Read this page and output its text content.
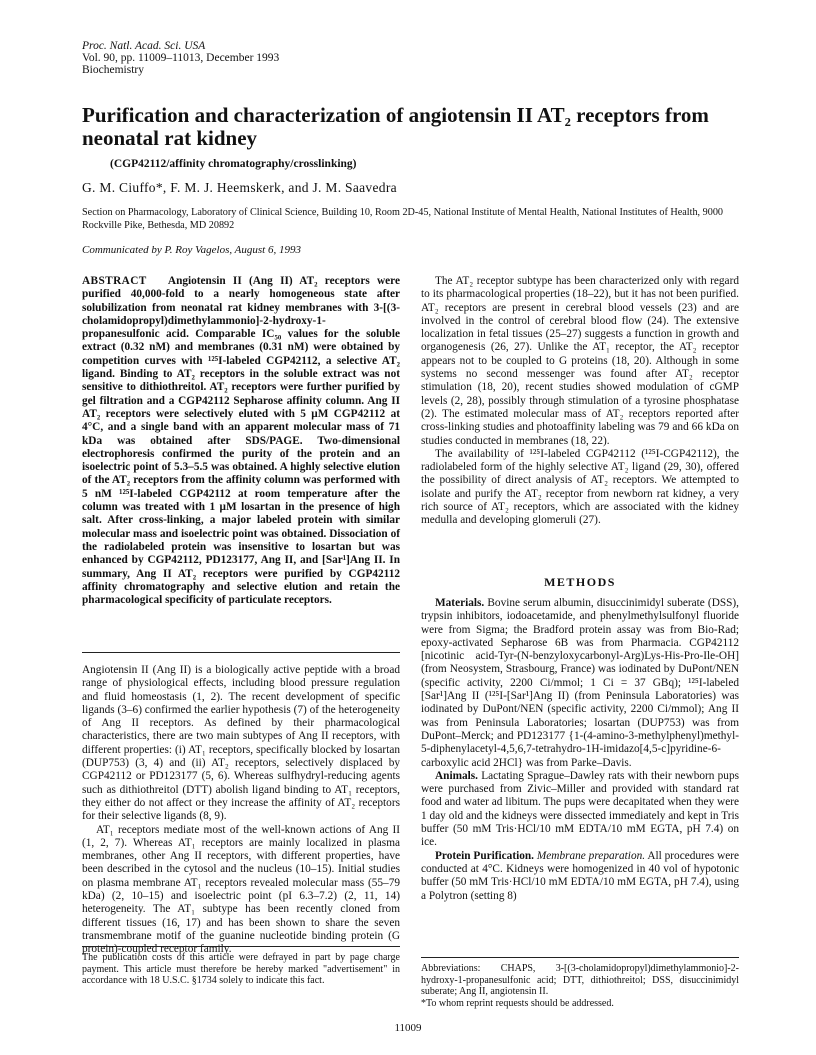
Proc. Natl. Acad. Sci. USA
Vol. 90, pp. 11009–11013, December 1993
Biochemistry
Purification and characterization of angiotensin II AT₂ receptors from neonatal rat kidney
(CGP42112/affinity chromatography/crosslinking)
G. M. Ciuffo*, F. M. J. Heemskerk, and J. M. Saavedra
Section on Pharmacology, Laboratory of Clinical Science, Building 10, Room 2D-45, National Institute of Mental Health, National Institutes of Health, 9000 Rockville Pike, Bethesda, MD 20892
Communicated by P. Roy Vagelos, August 6, 1993
ABSTRACT Angiotensin II (Ang II) AT₂ receptors were purified 40,000-fold to a nearly homogeneous state after solubilization from neonatal rat kidney membranes with 3-[(3-cholamidopropyl)dimethylammonio]-2-hydroxy-1-propanesulfonic acid. Comparable IC₅₀ values for the soluble extract (0.32 nM) and membranes (0.31 nM) were obtained by competition curves with ¹²⁵I-labeled CGP42112, a selective AT₂ ligand. Binding to AT₂ receptors in the soluble extract was not sensitive to dithiothreitol. AT₂ receptors were further purified by gel filtration and a CGP42112 Sepharose affinity column. Ang II AT₂ receptors were selectively eluted with 5 μM CGP42112 at 4°C, and a single band with an apparent molecular mass of 71 kDa was obtained after SDS/PAGE. Two-dimensional electrophoresis confirmed the purity of the protein and an isoelectric point of 5.3–5.5 was obtained. A highly selective elution of the AT₂ receptors from the affinity column was performed with 5 nM ¹²⁵I-labeled CGP42112 at room temperature after the column was treated with 1 μM losartan in the presence of high salt. After cross-linking, a major labeled protein with similar molecular mass and isoelectric point was obtained. Dissociation of the radiolabeled protein was insensitive to losartan but was enhanced by CGP42112, PD123177, Ang II, and [Sar¹]Ang II. In summary, Ang II AT₂ receptors were purified by CGP42112 affinity chromatography and selective elution and retain the pharmacological specificity of particulate receptors.

Angiotensin II (Ang II) is a biologically active peptide with a broad range of physiological effects, including blood pressure regulation and fluid homeostasis (1, 2). The recent development of specific ligands (3–6) confirmed the earlier hypothesis (7) of the heterogeneity of Ang II receptors. As defined by their pharmacological characteristics, there are two main subtypes of Ang II receptors, with different properties: (i) AT₁ receptors, specifically blocked by losartan (DUP753) (3, 4) and (ii) AT₂ receptors, selectively displaced by CGP42112 or PD123177 (5, 6). Whereas sulfhydryl-reducing agents such as dithiothreitol (DTT) abolish ligand binding to AT₁ receptors, they either do not affect or they increase the affinity of AT₂ receptors for their selective ligands (8, 9).

AT₁ receptors mediate most of the well-known actions of Ang II (1, 2, 7). Whereas AT₁ receptors are mainly localized in plasma membranes, other Ang II receptors, with different properties, have been described in the cytosol and the nucleus (10–15). Initial studies on plasma membrane AT₁ receptors revealed molecular mass (55–79 kDa) (2, 10–15) and isoelectric point (pI 6.3–7.2) (2, 11, 14) heterogeneity. The AT₁ subtype has been recently cloned from different tissues (16, 17) and has been shown to share the seven transmembrane motif of the guanine nucleotide binding protein (G protein)-coupled receptor family.

The AT₂ receptor subtype has been characterized only with regard to its pharmacological properties (18–22), but it has not been purified. AT₂ receptors are present in cerebral blood vessels (23) and are involved in the control of cerebral blood flow (24). The extensive localization in fetal tissues (25–27) suggests a function in growth and organogenesis (26, 27). Unlike the AT₁ receptor, the AT₂ receptor appears not to be coupled to G proteins (18, 20). Although in some systems no second messenger was found after AT₂ receptor stimulation (18, 20), recent studies showed modulation of cGMP levels (2, 28), possibly through stimulation of a tyrosine phosphatase (2). The estimated molecular mass of AT₂ receptors reported after cross-linking studies and photoaffinity labeling was 79 and 66 kDa on studies conducted in membranes (18, 22).

The availability of ¹²⁵I-labeled CGP42112 (¹²⁵I-CGP42112), the radiolabeled form of the highly selective AT₂ ligand (29, 30), offered the possibility of direct analysis of AT₂ receptors. We attempted to isolate and purify the AT₂ receptor from newborn rat kidney, a very rich source of AT₂ receptors, which are associated with the kidney medulla and developing glomeruli (27).

METHODS

Materials. Bovine serum albumin, disuccinimidyl suberate (DSS), trypsin inhibitors, iodoacetamide, and phenylmethylsulfonyl fluoride were from Sigma; the Bradford protein assay was from Bio-Rad; epoxy-activated Sepharose 6B was from Pharmacia. CGP42112 [nicotinic acid-Tyr-(N-benzyloxycarbonyl-Arg)Lys-His-Pro-Ile-OH] (from Neosystem, Strasbourg, France) was iodinated by DuPont/NEN (specific activity, 2200 Ci/mmol; 1 Ci = 37 GBq); ¹²⁵I-labeled [Sar¹]Ang II (¹²⁵I-[Sar¹]Ang II) (from Peninsula Laboratories) was iodinated by DuPont/NEN (specific activity, 2200 Ci/mmol); Ang II was from Peninsula Laboratories; losartan (DUP753) was from DuPont–Merck; and PD123177 {1-(4-amino-3-methylphenyl)methyl-5-diphenylacetyl-4,5,6,7-tetrahydro-1H-imidazo[4,5-c]pyridine-6-carboxylic acid 2HCl} was from Parke–Davis.

Animals. Lactating Sprague–Dawley rats with their newborn pups were purchased from Zivic–Miller and provided with standard rat food and water ad libitum. The pups were decapitated when they were 1 day old and the kidneys were dissected immediately and kept in Tris buffer (50 mM Tris·HCl/10 mM EDTA/10 mM EGTA, pH 7.4) on ice.

Protein Purification. Membrane preparation. All procedures were conducted at 4°C. Kidneys were homogenized in 40 vol of hypotonic buffer (50 mM Tris·HCl/10 mM EDTA/10 mM EGTA, pH 7.4), using a Polytron (setting 8)

The publication costs of this article were defrayed in part by page charge payment. This article must therefore be hereby marked "advertisement" in accordance with 18 U.S.C. §1734 solely to indicate this fact.
Abbreviations: CHAPS, 3-[(3-cholamidopropyl)dimethylammonio]-2-hydroxy-1-propanesulfonic acid; DTT, dithiothreitol; DSS, disuccinimidyl suberate; Ang II, angiotensin II.
*To whom reprint requests should be addressed.
11009
